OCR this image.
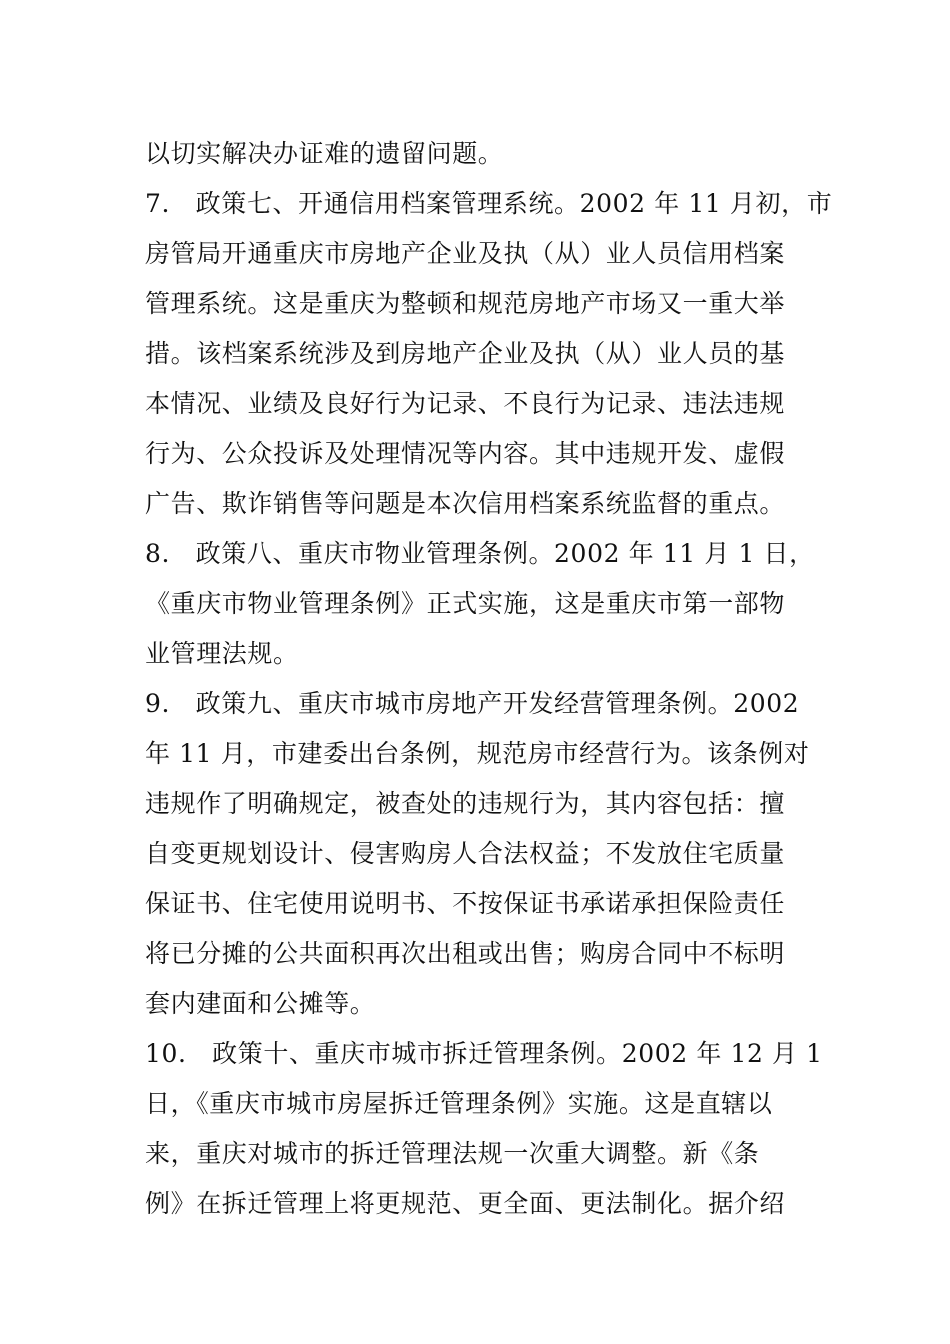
以切实解决办证难的遗留问题。
7.　政策七、开通信用档案管理系统。2002 年 11 月初，市
房管局开通重庆市房地产企业及执（从）业人员信用档案
管理系统。这是重庆为整顿和规范房地产市场又一重大举
措。该档案系统涉及到房地产企业及执（从）业人员的基
本情况、业绩及良好行为记录、不良行为记录、违法违规
行为、公众投诉及处理情况等内容。其中违规开发、虚假
广告、欺诈销售等问题是本次信用档案系统监督的重点。
8.　政策八、重庆市物业管理条例。2002 年 11 月 1 日，
《重庆市物业管理条例》正式实施，这是重庆市第一部物
业管理法规。
9.　政策九、重庆市城市房地产开发经营管理条例。2002
年 11 月，市建委出台条例，规范房市经营行为。该条例对
违规作了明确规定，被查处的违规行为，其内容包括：擅
自变更规划设计、侵害购房人合法权益；不发放住宅质量
保证书、住宅使用说明书、不按保证书承诺承担保险责任
将已分摊的公共面积再次出租或出售；购房合同中不标明
套内建面和公摊等。
10.　政策十、重庆市城市拆迁管理条例。2002 年 12 月 1
日，《重庆市城市房屋拆迁管理条例》实施。这是直辖以
来，重庆对城市的拆迁管理法规一次重大调整。新《条
例》在拆迁管理上将更规范、更全面、更法制化。据介绍
